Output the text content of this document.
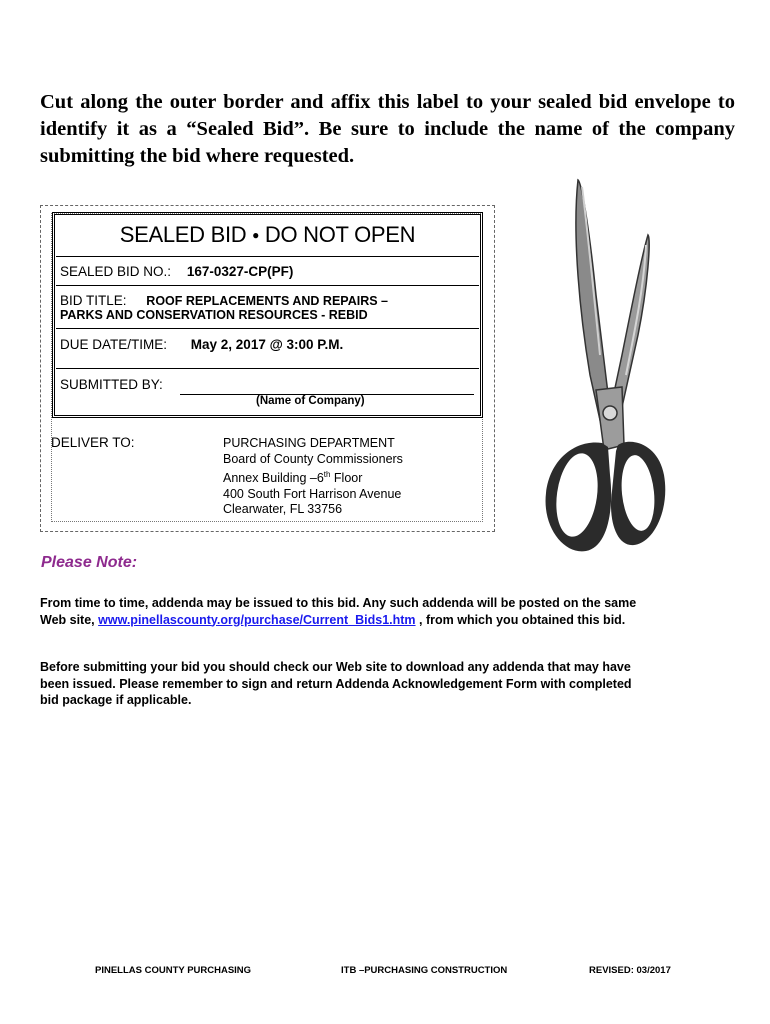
Cut along the outer border and affix this label to your sealed bid envelope to identify it as a “Sealed Bid”. Be sure to include the name of the company submitting the bid where requested.

SEALED BID ● DO NOT OPEN
SEALED BID NO.: 167-0327-CP(PF)
BID TITLE: ROOF REPLACEMENTS AND REPAIRS –
PARKS AND CONSERVATION RESOURCES - REBID
DUE DATE/TIME: May 2, 2017 @ 3:00 P.M.
SUBMITTED BY:
(Name of Company)
DELIVER TO:	PURCHASING DEPARTMENT
Board of County Commissioners
Annex Building –6th Floor
400 South Fort Harrison Avenue
Clearwater, FL 33756
Please Note:

From time to time, addenda may be issued to this bid. Any such addenda will be posted on the same Web site, www.pinellascounty.org/purchase/Current_Bids1.htm , from which you obtained this bid.

Before submitting your bid you should check our Web site to download any addenda that may have been issued. Please remember to sign and return Addenda Acknowledgement Form with completed bid package if applicable.

PINELLAS COUNTY PURCHASING	ITB –PURCHASING CONSTRUCTION	REVISED: 03/2017
